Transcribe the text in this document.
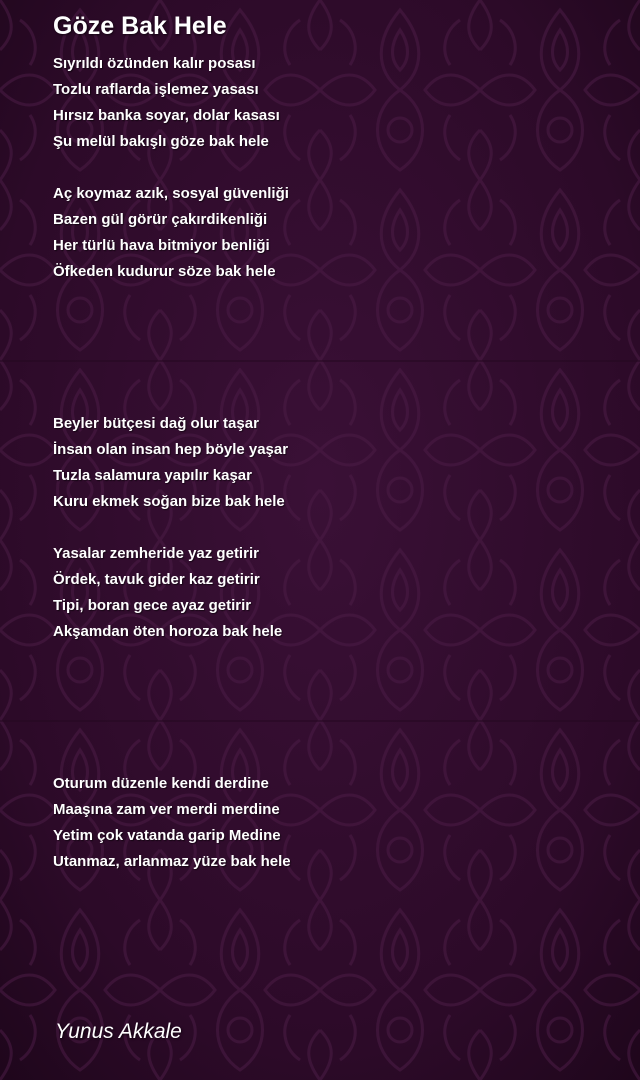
Göze Bak Hele
Sıyrıldı özünden kalır posası
Tozlu raflarda işlemez yasası
Hırsız banka soyar, dolar kasası
Şu melül bakışlı göze bak hele
Aç koymaz azık, sosyal güvenliği
Bazen gül görür çakırdikenliği
Her türlü hava bitmiyor benliği
Öfkeden kudurur söze bak hele
Beyler bütçesi dağ olur taşar
İnsan olan insan hep böyle yaşar
Tuzla salamura yapılır kaşar
Kuru ekmek soğan bize bak hele
Yasalar zemheride yaz getirir
Ördek, tavuk gider kaz getirir
Tipi, boran gece ayaz getirir
Akşamdan öten horoza bak hele
Oturum düzenle kendi derdine
Maaşına zam ver merdi merdine
Yetim çok vatanda garip Medine
Utanmaz, arlanmaz yüze bak hele

Yunus Akkale
